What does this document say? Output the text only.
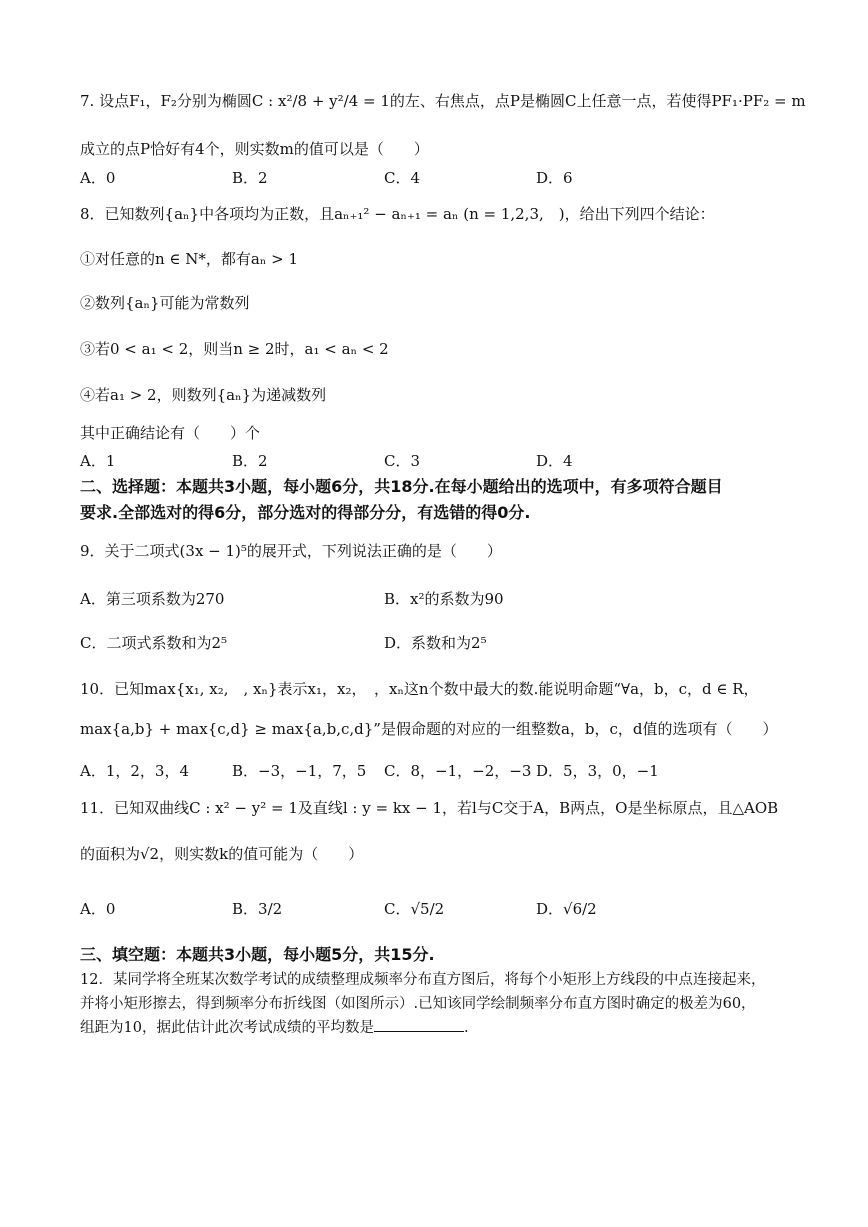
7. 设点F₁，F₂分别为椭圆C : x²/8 + y²/4 = 1的左、右焦点，点P是椭圆C上任意一点，若使得PF₁·PF₂ = m
成立的点P恰好有4个，则实数m的值可以是（　　）
A．0	B．2	C．4	D．6
8．已知数列{aₙ}中各项均为正数，且aₙ₊₁² − aₙ₊₁ = aₙ (n = 1,2,3,　)，给出下列四个结论：
①对任意的n ∈ N*，都有aₙ > 1
②数列{aₙ}可能为常数列
③若0 < a₁ < 2，则当n ≥ 2时，a₁ < aₙ < 2
④若a₁ > 2，则数列{aₙ}为递减数列
其中正确结论有（　　）个
A．1	B．2	C．3	D．4
二、选择题：本题共3小题，每小题6分，共18分.在每小题给出的选项中，有多项符合题目
要求.全部选对的得6分，部分选对的得部分分，有选错的得0分.
9．关于二项式(3x − 1)⁵的展开式，下列说法正确的是（　　）
A．第三项系数为270	B．x²的系数为90
C．二项式系数和为2⁵	D．系数和为2⁵
10．已知max{x₁, x₂,　, xₙ}表示x₁，x₂，　，xₙ这n个数中最大的数.能说明命题“∀a，b，c，d ∈ R，
max{a,b} + max{c,d} ≥ max{a,b,c,d}”是假命题的对应的一组整数a，b，c，d值的选项有（　　）
A．1，2，3，4	B．−3，−1，7，5 C．8，−1，−2，−3 D．5，3，0，−1
11．已知双曲线C : x² − y² = 1及直线l : y = kx − 1，若l与C交于A，B两点，O是坐标原点，且△AOB
的面积为√2，则实数k的值可能为（　　）
A．0	B．3/2	C．√5/2	D．√6/2
三、填空题：本题共3小题，每小题5分，共15分.
12．某同学将全班某次数学考试的成绩整理成频率分布直方图后，将每个小矩形上方线段的中点连接起来，
并将小矩形擦去，得到频率分布折线图（如图所示）.已知该同学绘制频率分布直方图时确定的极差为60，
组距为10，据此估计此次考试成绩的平均数是	.
